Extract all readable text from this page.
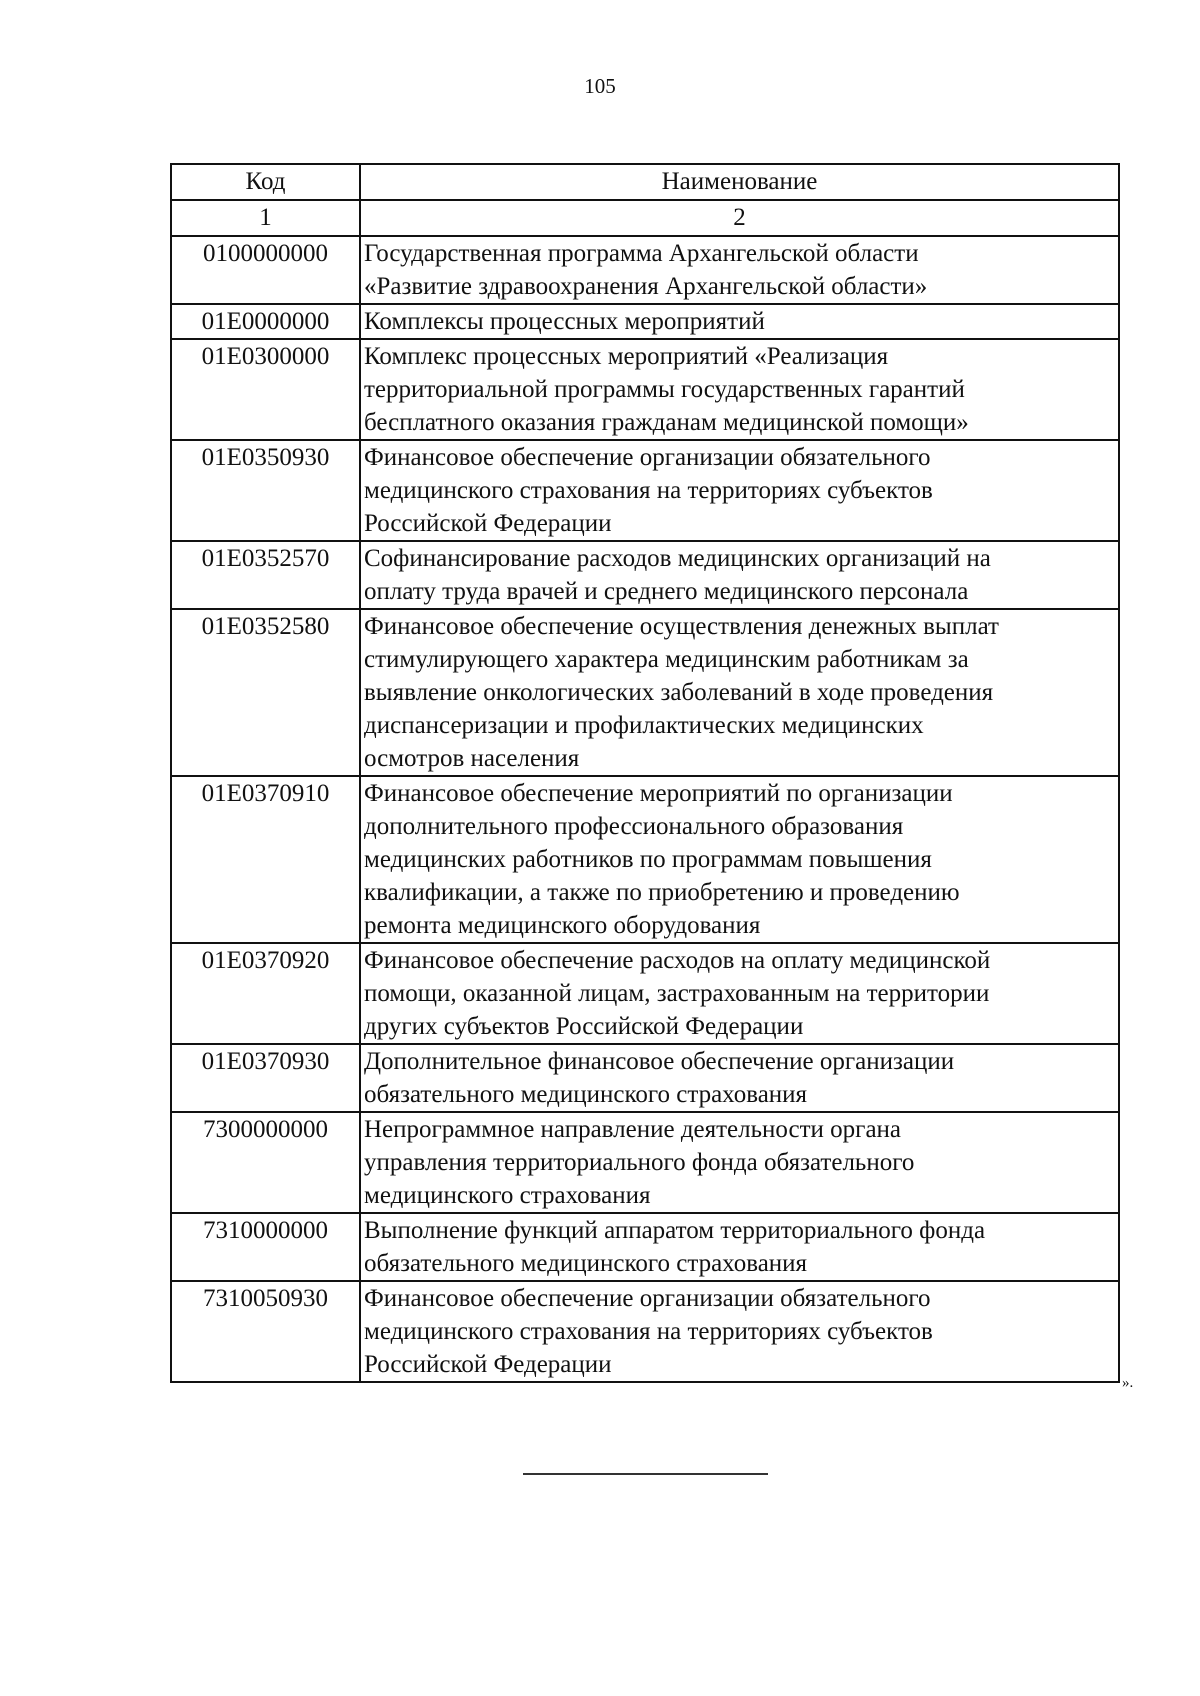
105
Код	Наименование
1	2
0100000000	Государственная программа Архангельской области
«Развитие здравоохранения Архангельской области»

01Е0000000	Комплексы процессных мероприятий

01Е0300000	Комплекс процессных мероприятий «Реализация
территориальной программы государственных гарантий
бесплатного оказания гражданам медицинской помощи»

01Е0350930	Финансовое обеспечение организации обязательного
медицинского страхования на территориях субъектов
Российской Федерации

01Е0352570	Софинансирование расходов медицинских организаций на
оплату труда врачей и среднего медицинского персонала

01Е0352580	Финансовое обеспечение осуществления денежных выплат
стимулирующего характера медицинским работникам за
выявление онкологических заболеваний в ходе проведения
диспансеризации и профилактических медицинских
осмотров населения

01Е0370910	Финансовое обеспечение мероприятий по организации
дополнительного профессионального образования
медицинских работников по программам повышения
квалификации, а также по приобретению и проведению
ремонта медицинского оборудования

01Е0370920	Финансовое обеспечение расходов на оплату медицинской
помощи, оказанной лицам, застрахованным на территории
других субъектов Российской Федерации

01Е0370930	Дополнительное финансовое обеспечение организации
обязательного медицинского страхования

7300000000	Непрограммное направление деятельности органа
управления территориального фонда обязательного
медицинского страхования

7310000000	Выполнение функций аппаратом территориального фонда
обязательного медицинского страхования

7310050930	Финансовое обеспечение организации обязательного
медицинского страхования на территориях субъектов
Российской Федерации
».
